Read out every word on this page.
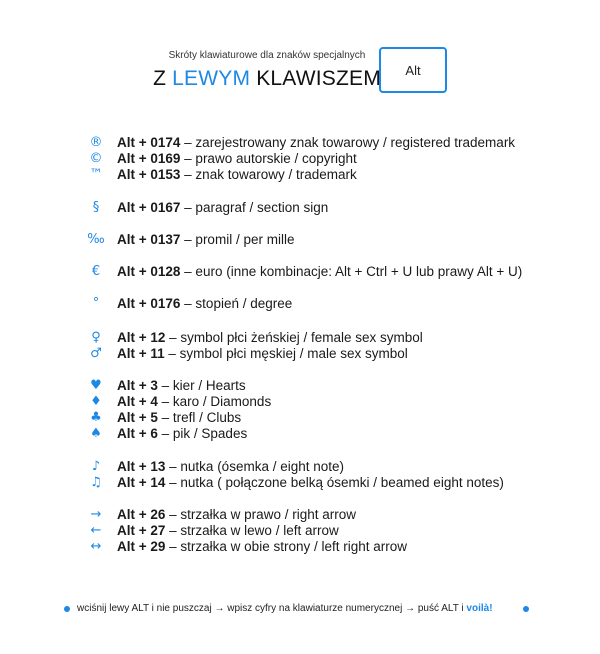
Skróty klawiaturowe dla znaków specjalnych
Z LEWYM KLAWISZEM	Alt
®	Alt + 0174 – zarejestrowany znak towarowy / registered trademark
©	Alt + 0169 – prawo autorskie / copyright
™	Alt + 0153 – znak towarowy / trademark
§	Alt + 0167 – paragraf / section sign
‰ Alt + 0137 – promil / per mille
€	Alt + 0128 – euro (inne kombinacje: Alt + Ctrl + U lub prawy Alt + U)
°	Alt + 0176 – stopień / degree
♀	Alt + 12 – symbol płci żeńskiej / female sex symbol
♂	Alt + 11 – symbol płci męskiej / male sex symbol
♥	Alt + 3 – kier / Hearts
♦	Alt + 4 – karo / Diamonds
♣	Alt + 5 – trefl / Clubs
♠	Alt + 6 – pik / Spades
♪	Alt + 13 – nutka (ósemka / eight note)
♫	Alt + 14 – nutka ( połączone belką ósemki / beamed eight notes)
→	Alt + 26 – strzałka w prawo / right arrow
←	Alt + 27 – strzałka w lewo / left arrow
↔	Alt + 29 – strzałka w obie strony / left right arrow
wciśnij lewy ALT i nie puszczaj → wpisz cyfry na klawiaturze numerycznej → puść ALT i voilà!
